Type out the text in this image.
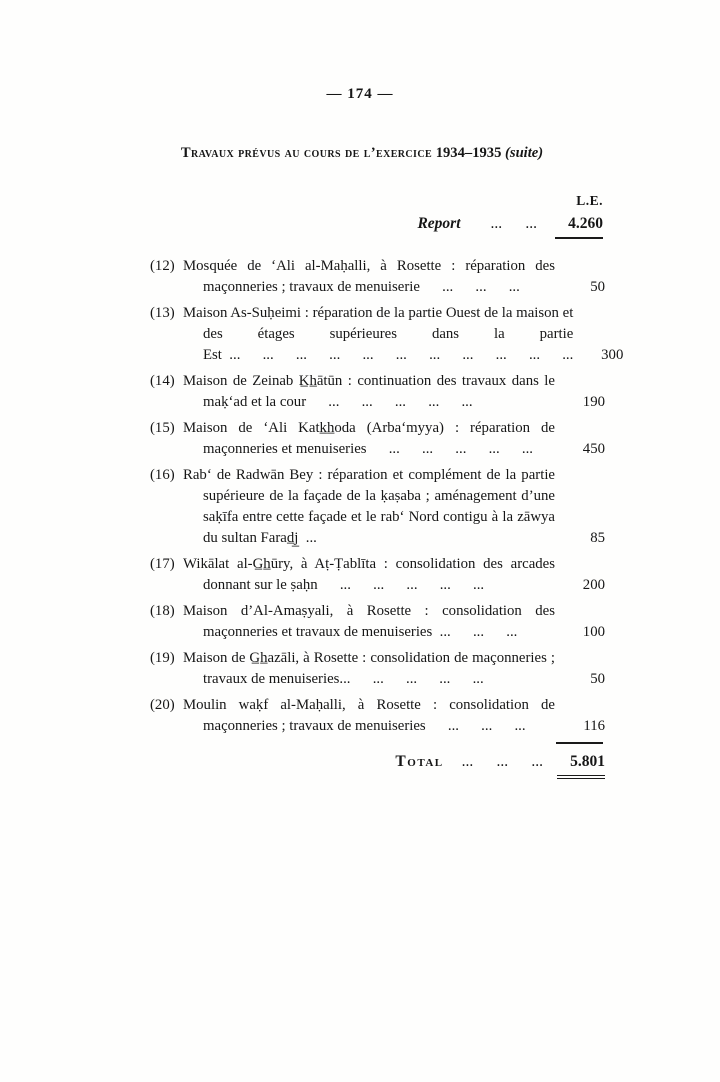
— 174 —
Travaux prévus au cours de l’exercice 1934–1935 (suite)
L.E.
Report ...  ...	4.260
(12) Mosquée de ‘Ali al-Maḥalli, à Rosette : réparation des maçonneries ; travaux de menuiserie  ...  ...  ...	50
(13) Maison As-Suḥeimi : réparation de la partie Ouest de la maison et des étages supérieures dans la partie Est ...  ...  ...  ...  ...  ...  ...  ...  ...  ...  ...	300
(14) Maison de Zeinab K̲h̲ātūn : continuation des travaux dans le maḳ‘ad et la cour  ...  ...  ...  ...  ...	190
(15) Maison de ‘Ali Katk̲h̲oda (Arba‘myya) : réparation de maçonneries et menuiseries  ...  ...  ...  ...  ...	450
(16) Rab‘ de Radwān Bey : réparation et complément de la partie supérieure de la façade de la ḳaṣaba ; aménagement d’une saḳīfa entre cette façade et le rab‘ Nord contigu à la zāwya du sultan Farad̲j̲ ...	85
(17) Wikālat al-G̲h̲ūry, à Aṭ-Ṭablīta : consolidation des arcades donnant sur le ṣaḥn  ...  ...  ...  ...  ...	200
(18) Maison d’Al-Amaṣyali, à Rosette : consolidation des maçonneries et travaux de menuiseries ...  ...  ...	100
(19) Maison de G̲h̲azāli, à Rosette : consolidation de maçonneries ; travaux de menuiseries...  ...  ...  ...  ...	50
(20) Moulin waḳf al-Maḥalli, à Rosette : consolidation de maçonneries ; travaux de menuiseries  ...  ...  ...	116
Total ...  ...  ...	5.801
